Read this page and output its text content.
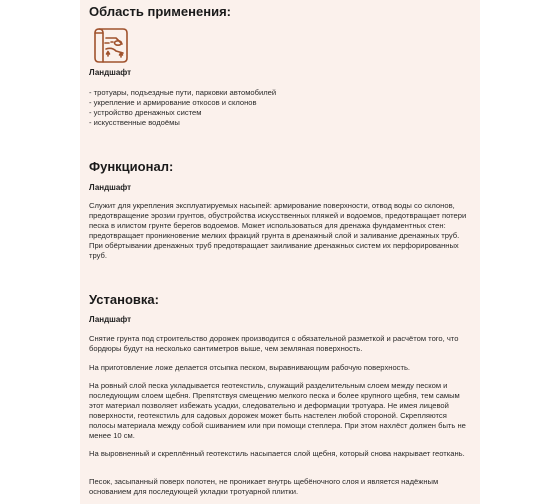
Область применения:
Ландшафт
- тротуары, подъездные пути, парковки автомобилей
- укрепление и армирование откосов и склонов
- устройство дренажных систем
- искусственные водоёмы
Функционал:
Ландшафт

Служит для укрепления эксплуатируемых насыпей: армирование поверхности, отвод воды со склонов, предотвращение эрозии грунтов, обустройства искусственных пляжей и водоемов, предотвращает потери песка в илистом грунте берегов водоемов. Может использоваться для дренажа фундаментных стен: предотвращает проникновение мелких фракций грунта в дренажный слой и заливание дренажных труб. При обёртывании дренажных труб предотвращает заиливание дренажных систем их перфорированных труб.

Установка:
Ландшафт

Снятие грунта под строительство дорожек производится с обязательной разметкой и расчётом того, что бордюры будут на несколько сантиметров выше, чем земляная поверхность.

На приготовление ложе делается отсыпка песком, выравнивающим рабочую поверхность.

На ровный слой песка укладывается геотекстиль, служащий разделительным слоем между песком и последующим слоем щебня. Препятствуя смещению мелкого песка и более крупного щебня, тем самым этот материал позволяет избежать усадки, следовательно и деформации тротуара. Не имея лицевой поверхности, геотекстиль для садовых дорожек может быть настелен любой стороной. Скрепляются полосы материала между собой сшиванием или при помощи степлера. При этом нахлёст должен быть не менее 10 см.

На выровненный и скреплённый геотекстиль насыпается слой щебня, который снова накрывает геоткань.

Песок, засыпанный поверх полотен, не проникает внутрь щебёночного слоя и является надёжным основанием для последующей укладки тротуарной плитки.
